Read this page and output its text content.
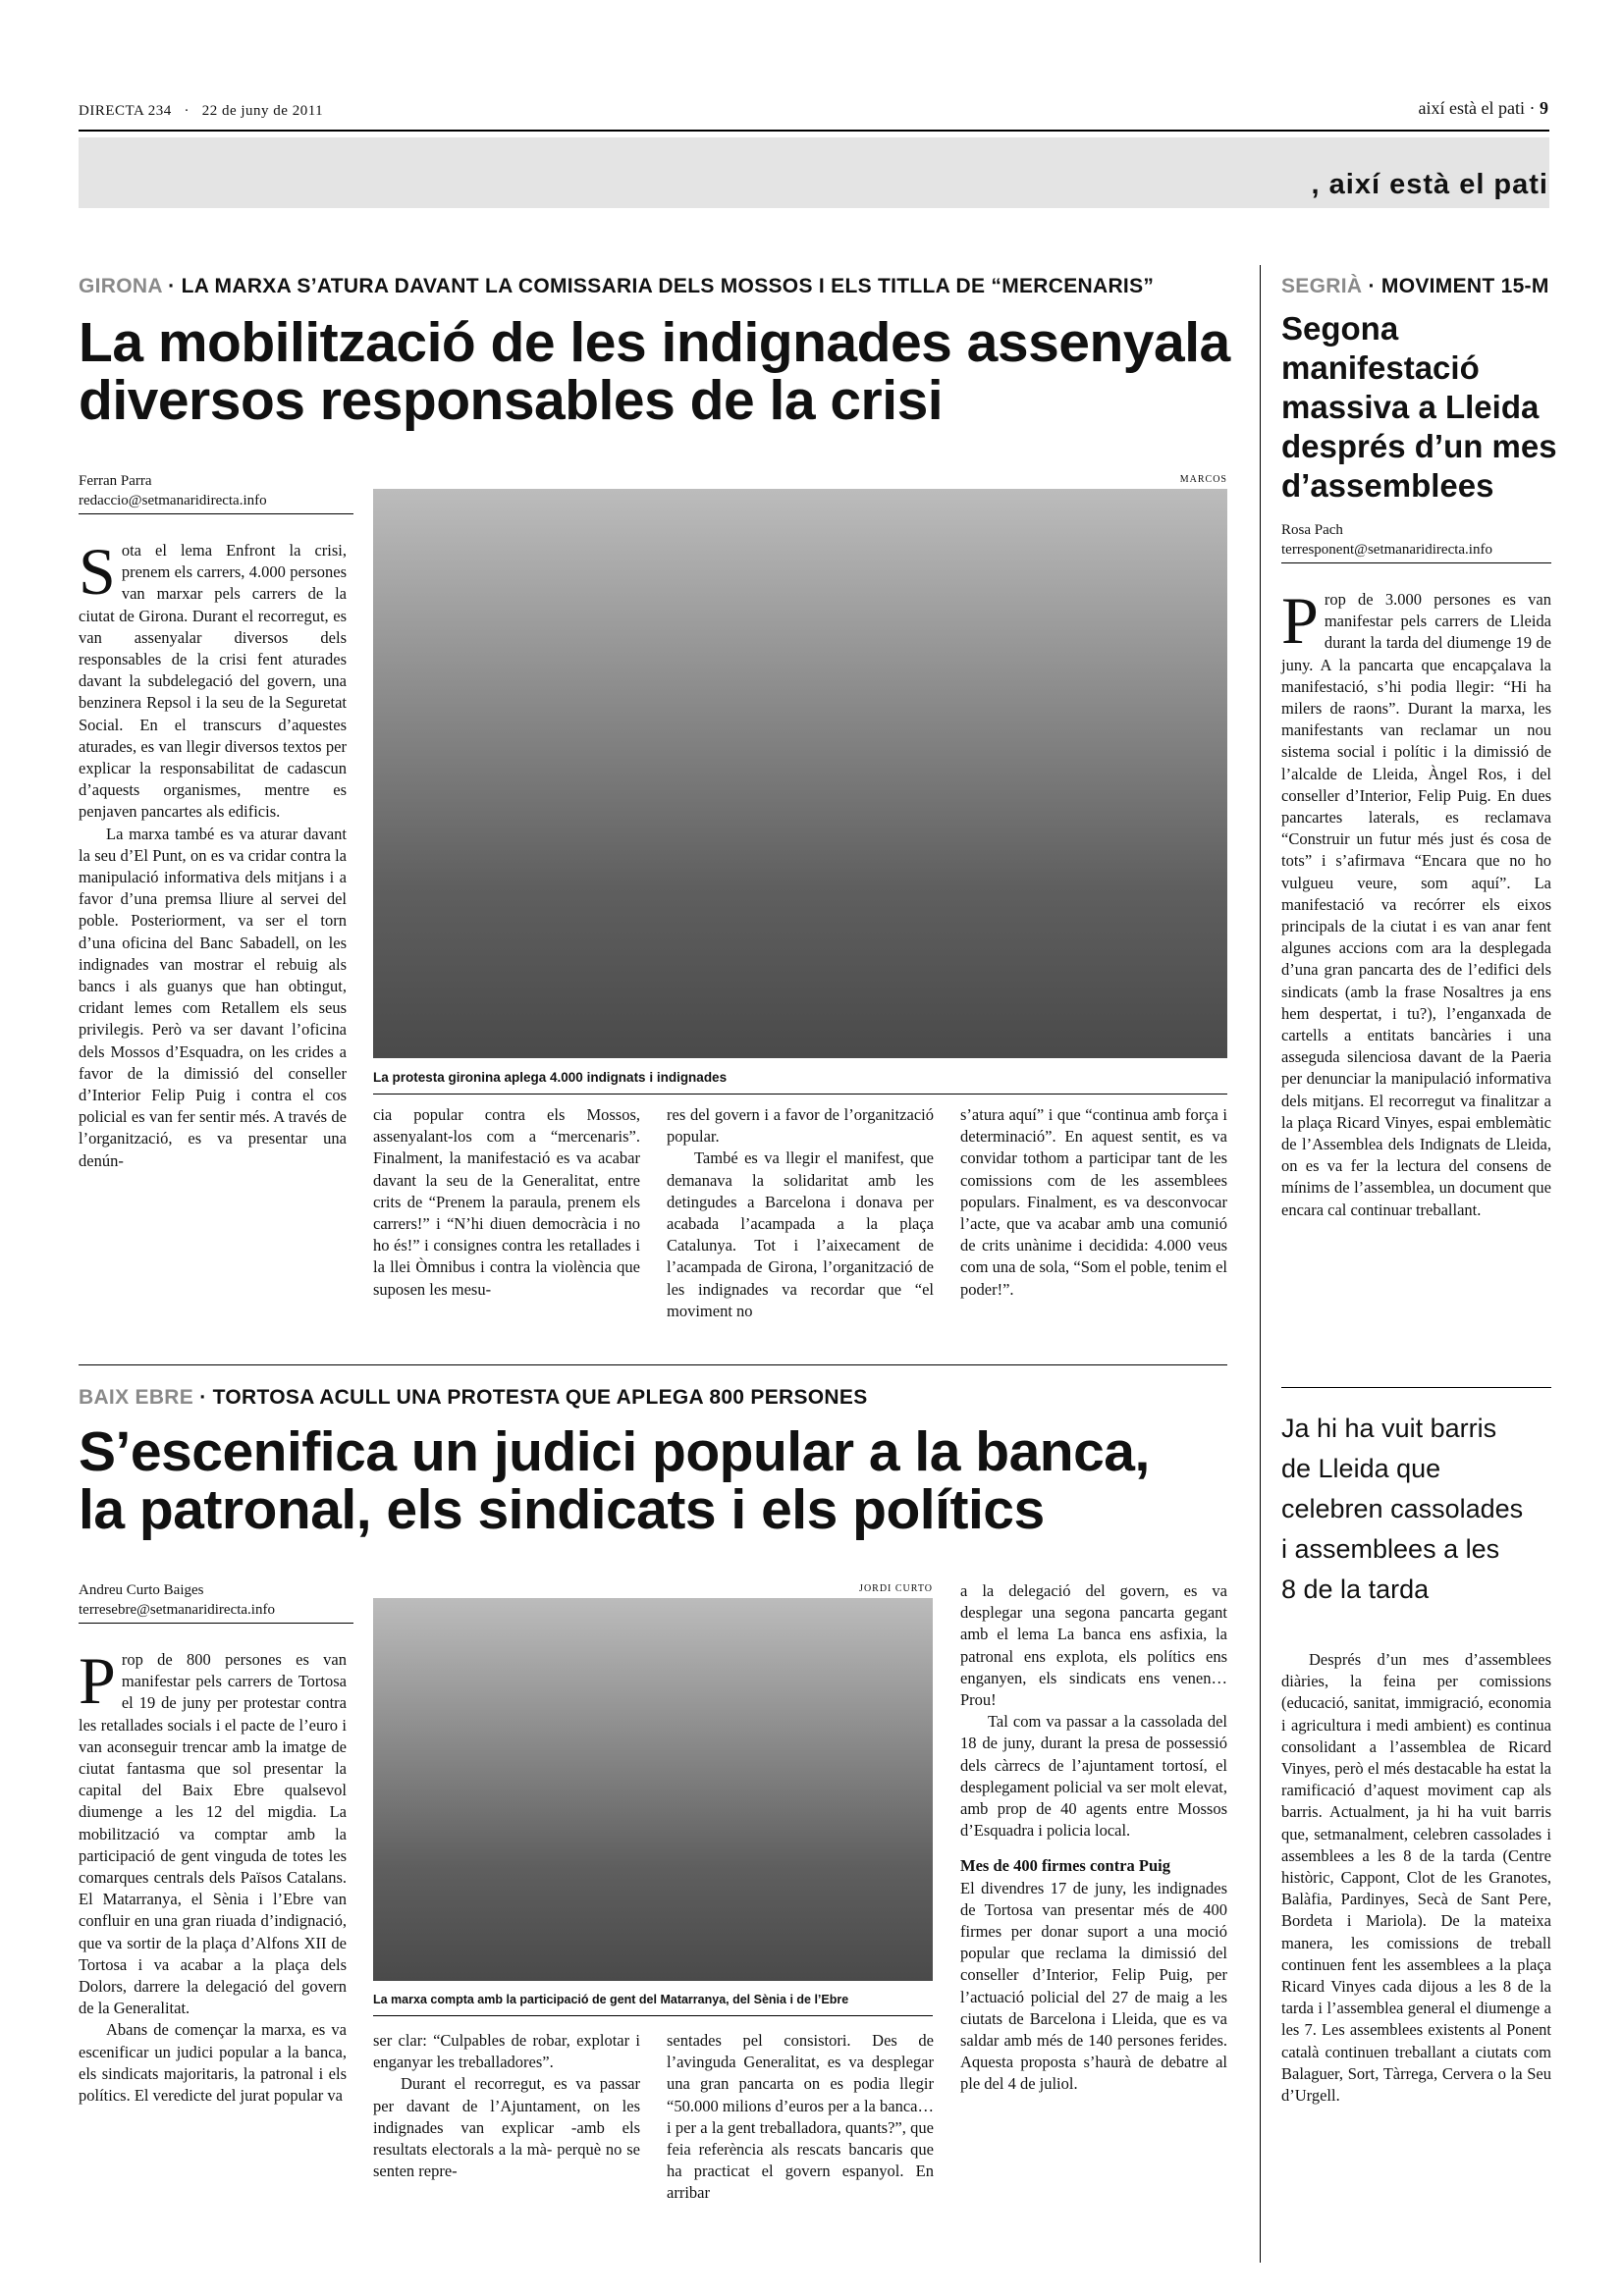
DIRECTA 234 · 22 de juny de 2011	així està el pati · 9
, així està el pati
GIRONA · LA MARXA S’ATURA DAVANT LA COMISSARIA DELS MOSSOS I ELS TITLLA DE “MERCENARIS”
La mobilització de les indignades assenyala
diversos responsables de la crisi
Ferran Parra
redaccio@setmanaridirecta.info
MARCOS
La protesta gironina aplega 4.000 indignats i indignades

Sota el lema Enfront la crisi, prenem els carrers, 4.000 persones van marxar pels carrers de la ciutat de Girona. Durant el recorregut, es van assenyalar diversos dels responsables de la crisi fent aturades davant la subdelegació del govern, una benzinera Repsol i la seu de la Seguretat Social. En el transcurs d’aquestes aturades, es van llegir diversos textos per explicar la responsabilitat de cadascun d’aquests organismes, mentre es penjaven pancartes als edificis.

La marxa també es va aturar davant la seu d’El Punt, on es va cridar contra la manipulació informativa dels mitjans i a favor d’una premsa lliure al servei del poble. Posteriorment, va ser el torn d’una oficina del Banc Sabadell, on les indignades van mostrar el rebuig als bancs i als guanys que han obtingut, cridant lemes com Retallem els seus privilegis. Però va ser davant l’oficina dels Mossos d’Esquadra, on les crides a favor de la dimissió del conseller d’Interior Felip Puig i contra el cos policial es van fer sentir més. A través de l’organització, es va presentar una denún-

cia popular contra els Mossos, assenyalant-los com a “mercenaris”. Finalment, la manifestació es va acabar davant la seu de la Generalitat, entre crits de “Prenem la paraula, prenem els carrers!” i “N’hi diuen democràcia i no ho és!” i consignes contra les retallades i la llei Òmnibus i contra la violència que suposen les mesu-

res del govern i a favor de l’organització popular.

També es va llegir el manifest, que demanava la solidaritat amb les detingudes a Barcelona i donava per acabada l’acampada a la plaça Catalunya. Tot i l’aixecament de l’acampada de Girona, l’organització de les indignades va recordar que “el moviment no

s’atura aquí” i que “continua amb força i determinació”. En aquest sentit, es va convidar tothom a participar tant de les comissions com de les assemblees populars. Finalment, es va desconvocar l’acte, que va acabar amb una comunió de crits unànime i decidida: 4.000 veus com una de sola, “Som el poble, tenim el poder!”.

SEGRIÀ · MOVIMENT 15-M
Segona
manifestació
massiva a Lleida
després d’un mes
d’assemblees
Rosa Pach
terresponent@setmanaridirecta.info

Prop de 3.000 persones es van manifestar pels carrers de Lleida durant la tarda del diumenge 19 de juny. A la pancarta que encapçalava la manifestació, s’hi podia llegir: “Hi ha milers de raons”. Durant la marxa, les manifestants van reclamar un nou sistema social i polític i la dimissió de l’alcalde de Lleida, Àngel Ros, i del conseller d’Interior, Felip Puig. En dues pancartes laterals, es reclamava “Construir un futur més just és cosa de tots” i s’afirmava “Encara que no ho vulgueu veure, som aquí”. La manifestació va recórrer els eixos principals de la ciutat i es van anar fent algunes accions com ara la desplegada d’una gran pancarta des de l’edifici dels sindicats (amb la frase Nosaltres ja ens hem despertat, i tu?), l’enganxada de cartells a entitats bancàries i una asseguda silenciosa davant de la Paeria per denunciar la manipulació informativa dels mitjans. El recorregut va finalitzar a la plaça Ricard Vinyes, espai emblemàtic de l’Assemblea dels Indignats de Lleida, on es va fer la lectura del consens de mínims de l’assemblea, un document que encara cal continuar treballant.

Ja hi ha vuit barris
de Lleida que
celebren cassolades
i assemblees a les
8 de la tarda

Després d’un mes d’assemblees diàries, la feina per comissions (educació, sanitat, immigració, economia i agricultura i medi ambient) es continua consolidant a l’assemblea de Ricard Vinyes, però el més destacable ha estat la ramificació d’aquest moviment cap als barris. Actualment, ja hi ha vuit barris que, setmanalment, celebren cassolades i assemblees a les 8 de la tarda (Centre històric, Cappont, Clot de les Granotes, Balàfia, Pardinyes, Secà de Sant Pere, Bordeta i Mariola). De la mateixa manera, les comissions de treball continuen fent les assemblees a la plaça Ricard Vinyes cada dijous a les 8 de la tarda i l’assemblea general el diumenge a les 7. Les assemblees existents al Ponent català continuen treballant a ciutats com Balaguer, Sort, Tàrrega, Cervera o la Seu d’Urgell.

BAIX EBRE · TORTOSA ACULL UNA PROTESTA QUE APLEGA 800 PERSONES
S’escenifica un judici popular a la banca,
la patronal, els sindicats i els polítics
Andreu Curto Baiges
terresebre@setmanaridirecta.info
JORDI CURTO
La marxa compta amb la participació de gent del Matarranya, del Sènia i de l’Ebre

Prop de 800 persones es van manifestar pels carrers de Tortosa el 19 de juny per protestar contra les retallades socials i el pacte de l’euro i van aconseguir trencar amb la imatge de ciutat fantasma que sol presentar la capital del Baix Ebre qualsevol diumenge a les 12 del migdia. La mobilització va comptar amb la participació de gent vinguda de totes les comarques centrals dels Països Catalans. El Matarranya, el Sènia i l’Ebre van confluir en una gran riuada d’indignació, que va sortir de la plaça d’Alfons XII de Tortosa i va acabar a la plaça dels Dolors, darrere la delegació del govern de la Generalitat.

Abans de començar la marxa, es va escenificar un judici popular a la banca, els sindicats majoritaris, la patronal i els polítics. El veredicte del jurat popular va

ser clar: “Culpables de robar, explotar i enganyar les treballadores”.

Durant el recorregut, es va passar per davant de l’Ajuntament, on les indignades van explicar -amb els resultats electorals a la mà- perquè no se senten repre-

sentades pel consistori. Des de l’avinguda Generalitat, es va desplegar una gran pancarta on es podia llegir “50.000 milions d’euros per a la banca… i per a la gent treballadora, quants?”, que feia referència als rescats bancaris que ha practicat el govern espanyol. En arribar

a la delegació del govern, es va desplegar una segona pancarta gegant amb el lema La banca ens asfixia, la patronal ens explota, els polítics ens enganyen, els sindicats ens venen… Prou!

Tal com va passar a la cassolada del 18 de juny, durant la presa de possessió dels càrrecs de l’ajuntament tortosí, el desplegament policial va ser molt elevat, amb prop de 40 agents entre Mossos d’Esquadra i policia local.

Mes de 400 firmes contra Puig

El divendres 17 de juny, les indignades de Tortosa van presentar més de 400 firmes per donar suport a una moció popular que reclama la dimissió del conseller d’Interior, Felip Puig, per l’actuació policial del 27 de maig a les ciutats de Barcelona i Lleida, que es va saldar amb més de 140 persones ferides. Aquesta proposta s’haurà de debatre al ple del 4 de juliol.
